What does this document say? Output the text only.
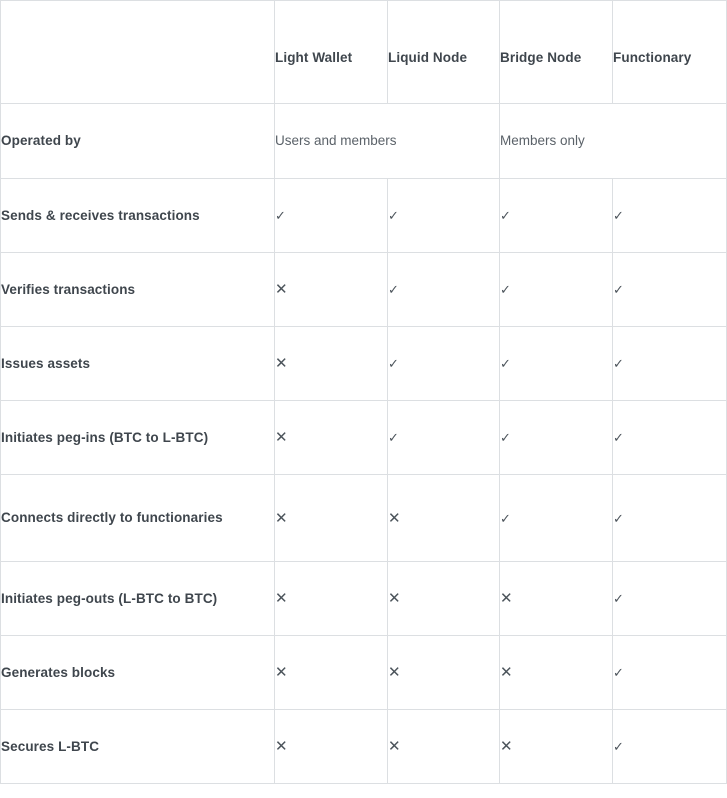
	Light Wallet	Liquid Node	Bridge Node	Functionary

Operated by	Users and members		Members only	
Sends & receives transactions	✓	✓	✓	✓
Verifies transactions	✕	✓	✓	✓
Issues assets	✕	✓	✓	✓
Initiates peg-ins (BTC to L-BTC)	✕	✓	✓	✓
Connects directly to functionaries	✕	✕	✓	✓
Initiates peg-outs (L-BTC to BTC)	✕	✕	✕	✓
Generates blocks	✕	✕	✕	✓
Secures L-BTC	✕	✕	✕	✓
